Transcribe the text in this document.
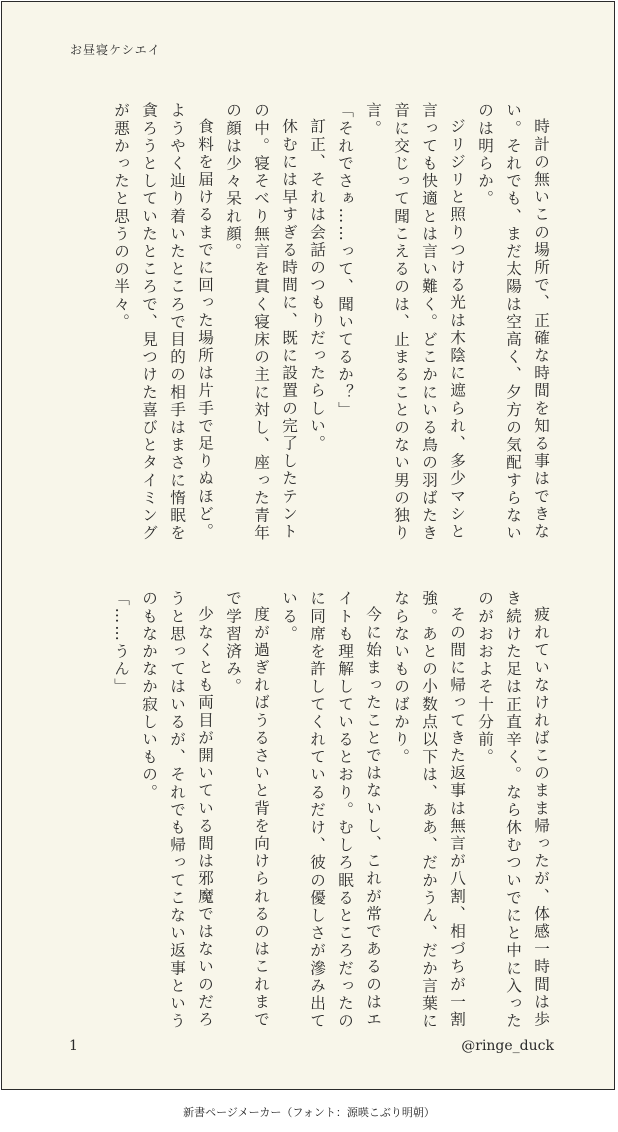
お昼寝ケシエイ

時計の無いこの場所で、正確な時間を知る事はできない。それでも、まだ太陽は空高く、夕方の気配すらないのは明らか。

ジリジリと照りつける光は木陰に遮られ、多少マシと言っても快適とは言い難く。どこかにいる鳥の羽ばたき音に交じって聞こえるのは、止まることのない男の独り言。

「それでさぁ……って、聞いてるか？」

訂正、それは会話のつもりだったらしい。

休むには早すぎる時間に、既に設置の完了したテントの中。寝そべり無言を貫く寝床の主に対し、座った青年の顔は少々呆れ顔。

食料を届けるまでに回った場所は片手で足りぬほど。ようやく辿り着いたところで目的の相手はまさに惰眠を貪ろうとしていたところで、見つけた喜びとタイミングが悪かったと思うのの半々。

疲れていなければこのまま帰ったが、体感一時間は歩き続けた足は正直辛く。なら休むついでにと中に入ったのがおおよそ十分前。

その間に帰ってきた返事は無言が八割、相づちが一割強。あとの小数点以下は、ああ、だかうん、だか言葉にならないものばかり。

今に始まったことではないし、これが常であるのはエイトも理解しているとおり。むしろ眠るところだったのに同席を許してくれているだけ、彼の優しさが滲み出ている。

度が過ぎればうるさいと背を向けられるのはこれまでで学習済み。

少なくとも両目が開いている間は邪魔ではないのだろうと思ってはいるが、それでも帰ってこない返事というのもなかなか寂しいもの。

「……うん」

1	@ringe_duck
新書ページメーカー（フォント：源暎こぶり明朝）
